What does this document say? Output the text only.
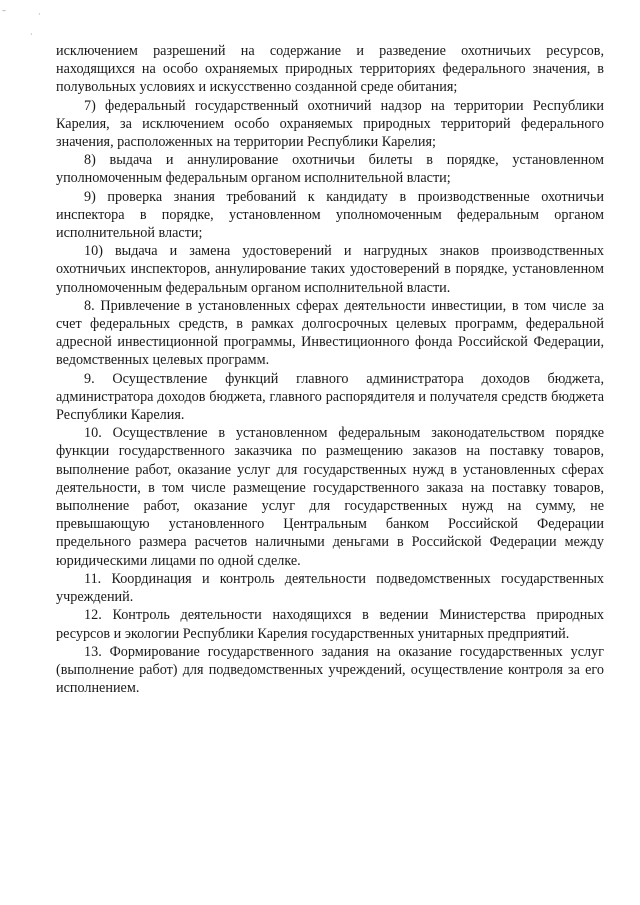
–	·
·

исключением разрешений на содержание и разведение охотничьих ресурсов, находящихся на особо охраняемых природных территориях федерального значения, в полувольных условиях и искусственно созданной среде обитания;

7) федеральный государственный охотничий надзор на территории Республики Карелия, за исключением особо охраняемых природных территорий федерального значения, расположенных на территории Республики Карелия;

8) выдача и аннулирование охотничьи билеты в порядке, установленном уполномоченным федеральным органом исполнительной власти;

9) проверка знания требований к кандидату в производственные охотничьи инспектора в порядке, установленном уполномоченным федеральным органом исполнительной власти;

10) выдача и замена удостоверений и нагрудных знаков производственных охотничьих инспекторов, аннулирование таких удостоверений в порядке, установленном уполномоченным федеральным органом исполнительной власти.

8. Привлечение в установленных сферах деятельности инвестиции, в том числе за счет федеральных средств, в рамках долгосрочных целевых программ, федеральной адресной инвестиционной программы, Инвестиционного фонда Российской Федерации, ведомственных целевых программ.

9. Осуществление функций главного администратора доходов бюджета, администратора доходов бюджета, главного распорядителя и получателя средств бюджета Республики Карелия.

10. Осуществление в установленном федеральным законодательством порядке функции государственного заказчика по размещению заказов на поставку товаров, выполнение работ, оказание услуг для государственных нужд в установленных сферах деятельности, в том числе размещение государственного заказа на поставку товаров, выполнение работ, оказание услуг для государственных нужд на сумму, не превышающую установленного Центральным банком Российской Федерации предельного размера расчетов наличными деньгами в Российской Федерации между юридическими лицами по одной сделке.

11. Координация и контроль деятельности подведомственных государственных учреждений.

12. Контроль деятельности находящихся в ведении Министерства природных ресурсов и экологии Республики Карелия государственных унитарных предприятий.

13. Формирование государственного задания на оказание государственных услуг (выполнение работ) для подведомственных учреждений, осуществление контроля за его исполнением.
